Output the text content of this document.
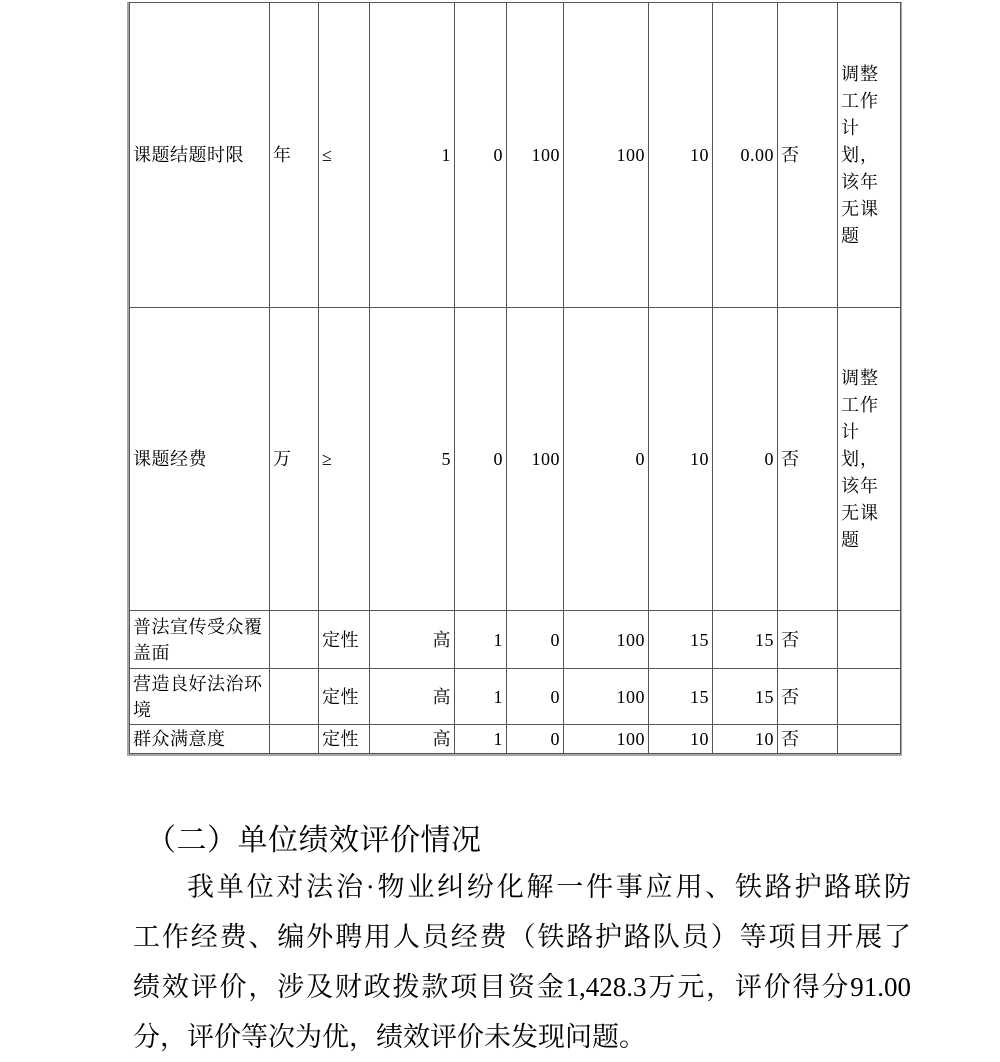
课题结题时限	年	≤	1	0	100	100	10	0.00	否	调整工作计划，该年无课题
课题经费	万	≥	5	0	100	0	10	0	否	调整工作计划，该年无课题
普法宣传受众覆盖面		定性	高	1	0	100	15	15	否	
营造良好法治环境		定性	高	1	0	100	15	15	否	
群众满意度		定性	高	1	0	100	10	10	否	
（二）单位绩效评价情况
我单位对法治·物业纠纷化解一件事应用、铁路护路联防
工作经费、编外聘用人员经费（铁路护路队员）等项目开展了
绩效评价，涉及财政拨款项目资金1,428.3万元，评价得分91.00
分，评价等次为优，绩效评价未发现问题。
